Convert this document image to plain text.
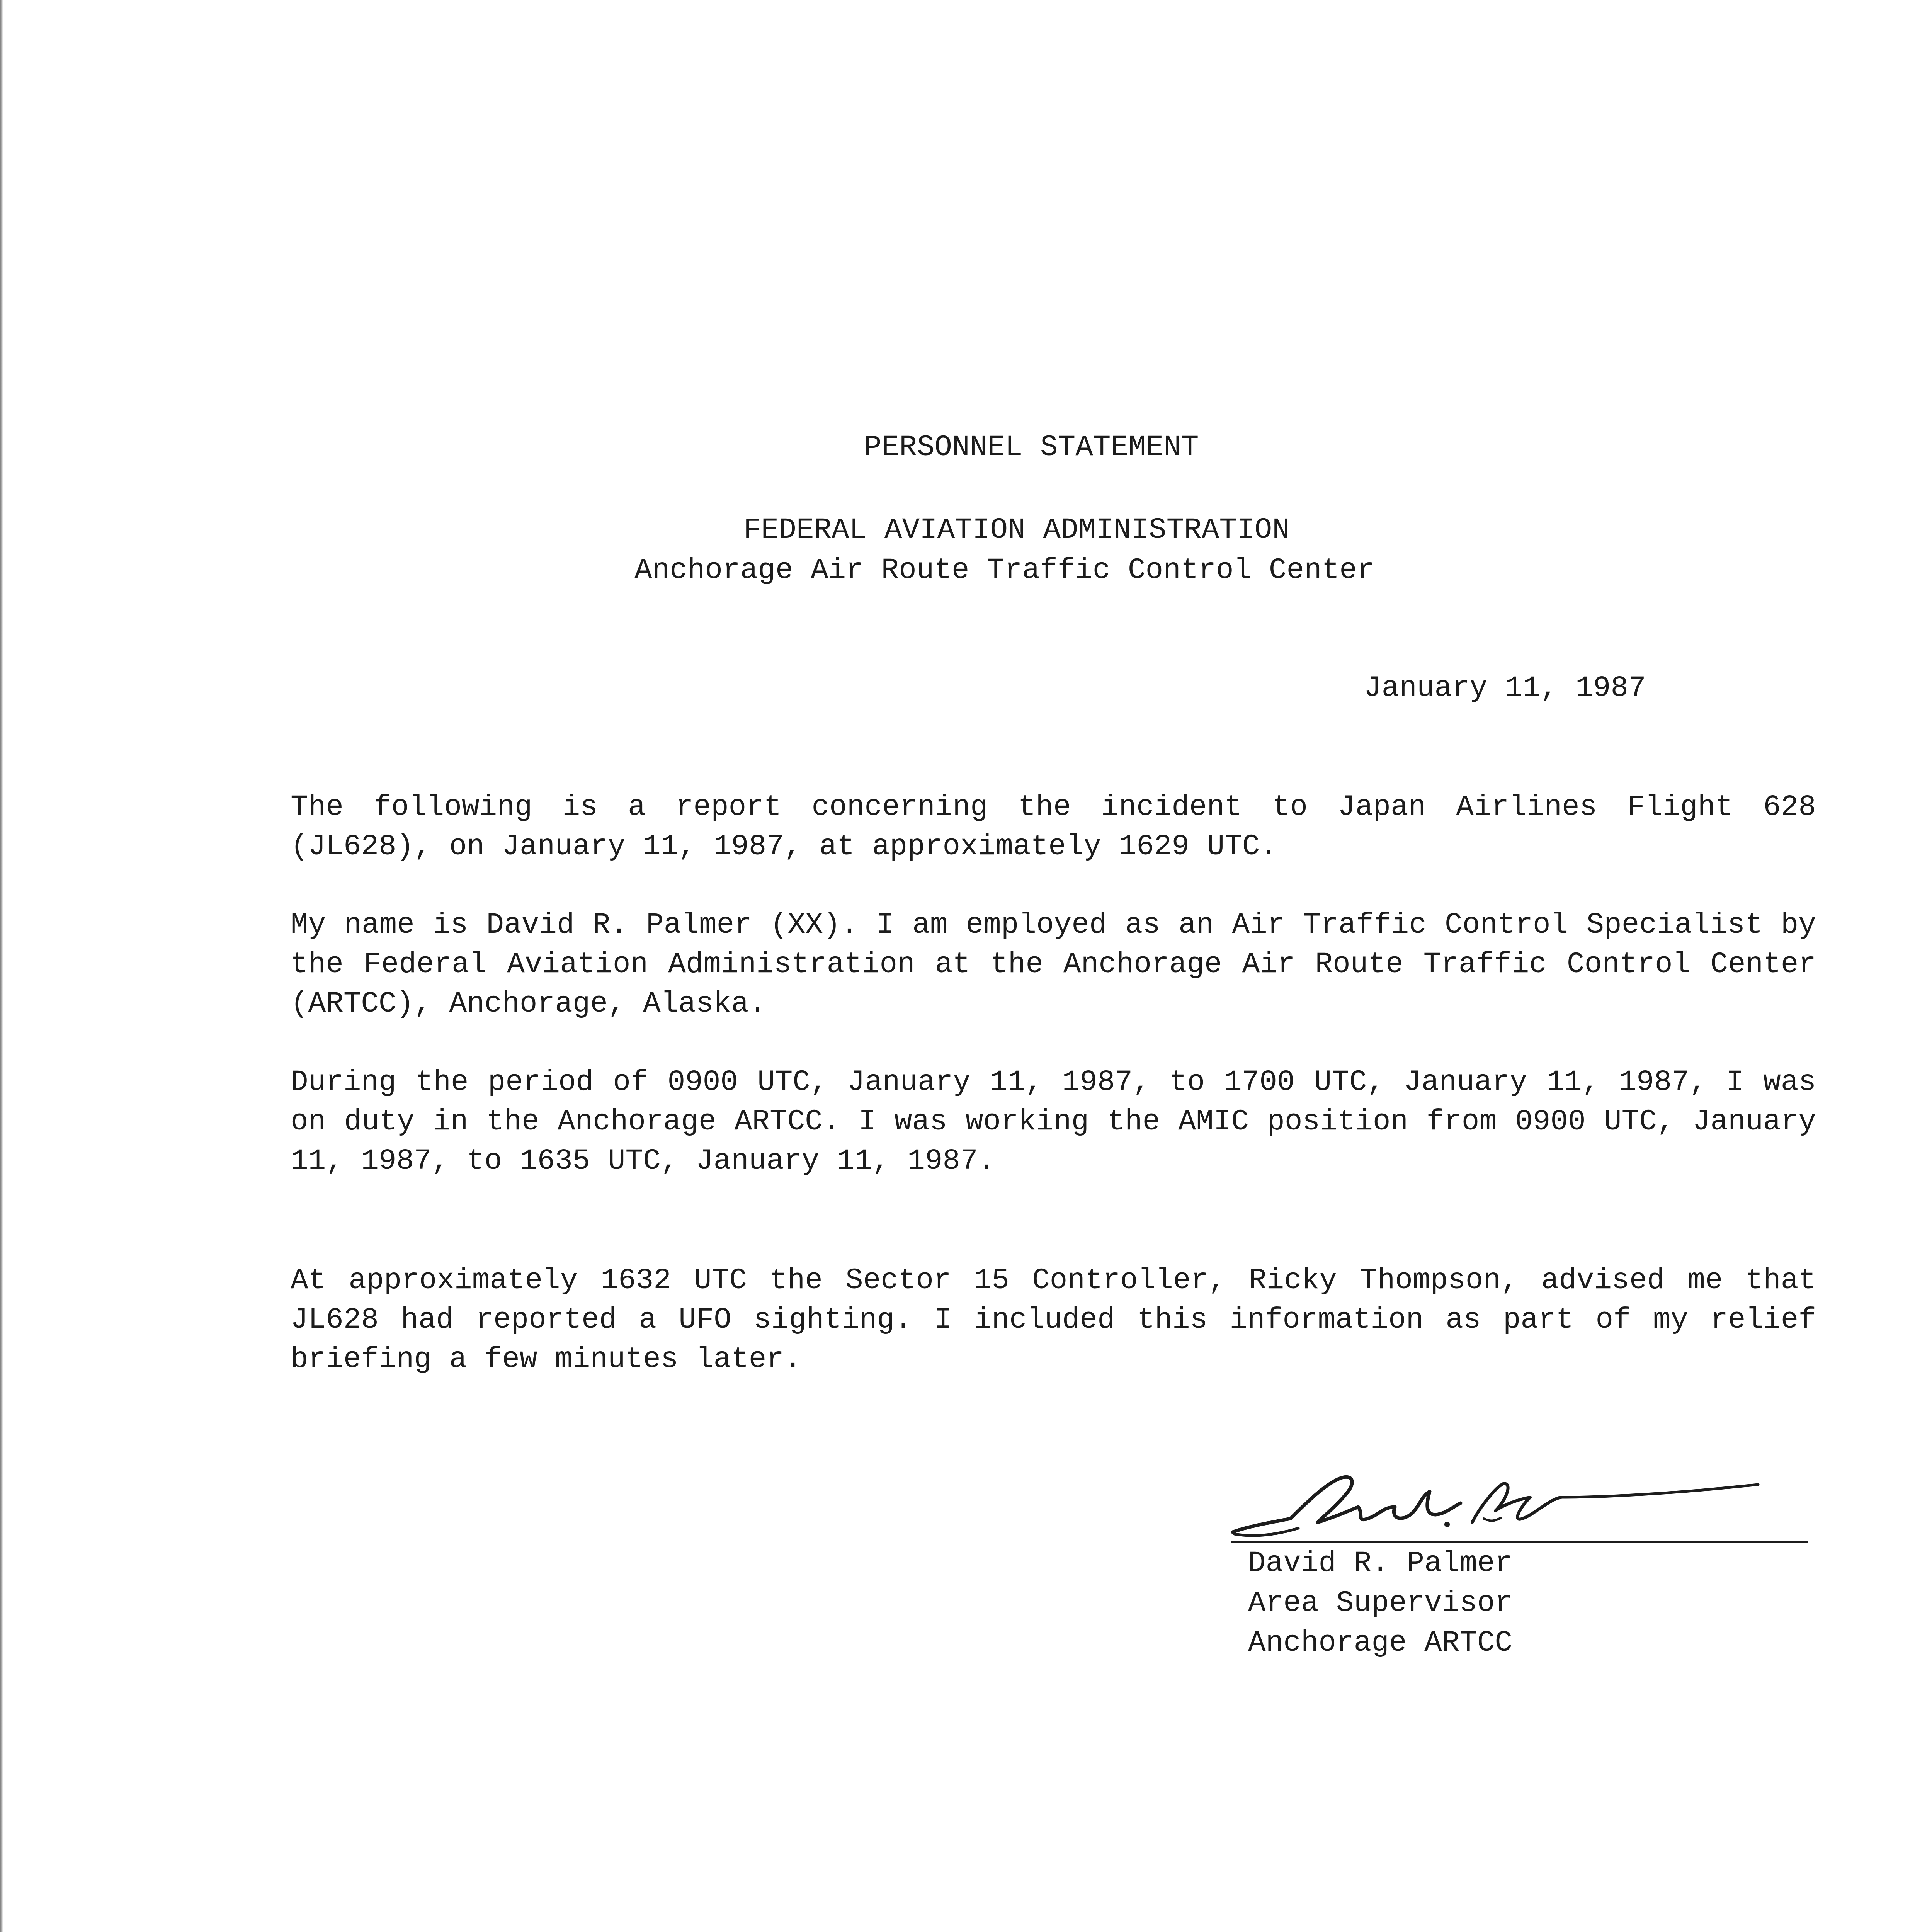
PERSONNEL STATEMENT
FEDERAL AVIATION ADMINISTRATION
Anchorage Air Route Traffic Control Center
January 11, 1987
The following is a report concerning the incident to Japan Airlines Flight 628 (JL628), on January 11, 1987, at approximately 1629 UTC.
My name is David R. Palmer (XX). I am employed as an Air Traffic Control Specialist by the Federal Aviation Administration at the Anchorage Air Route Traffic Control Center (ARTCC), Anchorage, Alaska.
During the period of 0900 UTC, January 11, 1987, to 1700 UTC, January 11, 1987, I was on duty in the Anchorage ARTCC. I was working the AMIC position from 0900 UTC, January 11, 1987, to 1635 UTC, January 11, 1987.
At approximately 1632 UTC the Sector 15 Controller, Ricky Thompson, advised me that JL628 had reported a UFO sighting. I included this information as part of my relief briefing a few minutes later.
David R. Palmer
Area Supervisor
Anchorage ARTCC
